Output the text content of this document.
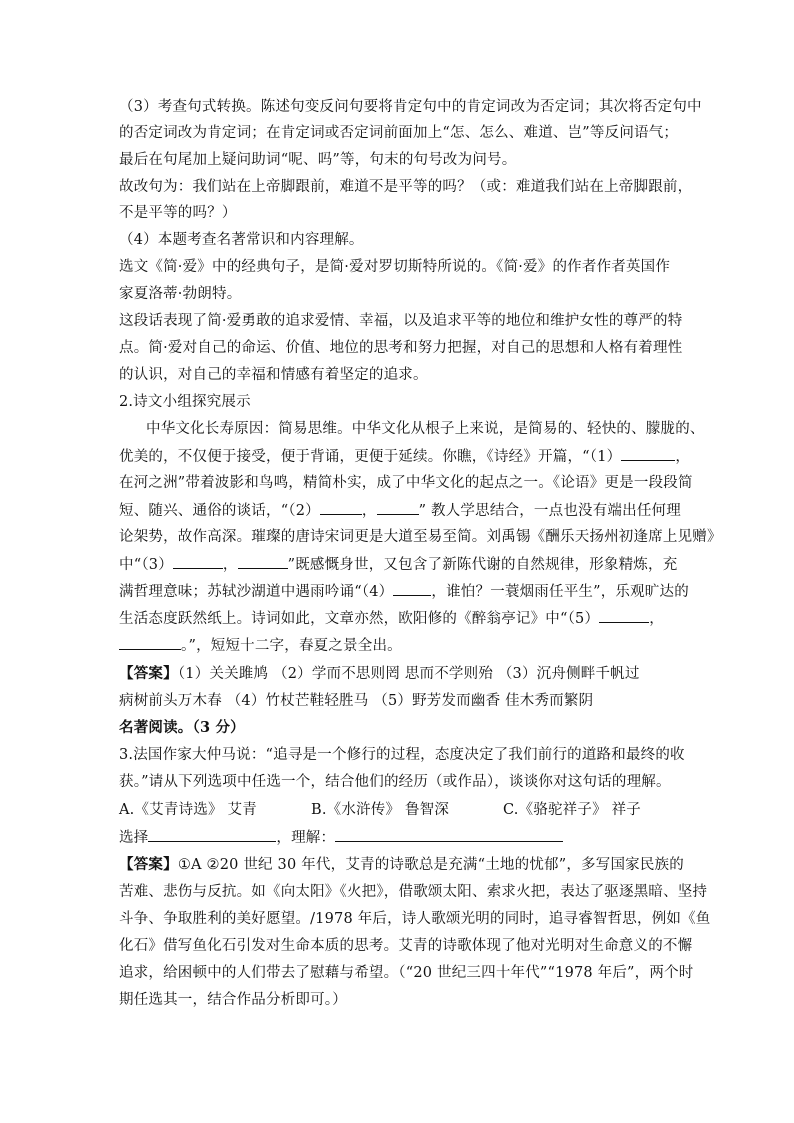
（3）考查句式转换。陈述句变反问句要将肯定句中的肯定词改为否定词；其次将否定句中
的否定词改为肯定词；在肯定词或否定词前面加上“怎、怎么、难道、岂”等反问语气；
最后在句尾加上疑问助词“呢、吗”等，句末的句号改为问号。
故改句为：我们站在上帝脚跟前，难道不是平等的吗？（或：难道我们站在上帝脚跟前，
不是平等的吗？）
（4）本题考查名著常识和内容理解。
选文《简·爱》中的经典句子，是简·爱对罗切斯特所说的。《简·爱》的作者作者英国作
家夏洛蒂·勃朗特。
这段话表现了简·爱勇敢的追求爱情、幸福，以及追求平等的地位和维护女性的尊严的特
点。简·爱对自己的命运、价值、地位的思考和努力把握，对自己的思想和人格有着理性
的认识，对自己的幸福和情感有着坚定的追求。
2.诗文小组探究展示
中华文化长寿原因：简易思维。中华文化从根子上来说，是简易的、轻快的、朦胧的、
优美的，不仅便于接受，便于背诵，更便于延续。你瞧，《诗经》开篇，“（1）	，
在河之洲”带着波影和鸟鸣，精简朴实，成了中华文化的起点之一。《论语》更是一段段简
短、随兴、通俗的谈话，“（2）	，	” 教人学思结合，一点也没有端出任何理
论架势，故作高深。璀璨的唐诗宋词更是大道至易至简。刘禹锡《酬乐天扬州初逢席上见赠》
中“（3）	，	”既感慨身世，又包含了新陈代谢的自然规律，形象精炼，充
满哲理意味；苏轼沙湖道中遇雨吟诵“（4）	，谁怕？一蓑烟雨任平生”，乐观旷达的
生活态度跃然纸上。诗词如此，文章亦然，欧阳修的《醉翁亭记》中“（5）	，
。”，短短十二字，春夏之景全出。
【答案】（1）关关雎鸠 （2）学而不思则罔 思而不学则殆 （3）沉舟侧畔千帆过
病树前头万木春 （4）竹杖芒鞋轻胜马 （5）野芳发而幽香 佳木秀而繁阴
名著阅读。（3 分）
3.法国作家大仲马说：“追寻是一个修行的过程，态度决定了我们前行的道路和最终的收
获。”请从下列选项中任选一个，结合他们的经历（或作品），谈谈你对这句话的理解。
A.《艾青诗选》 艾青	B.《水浒传》 鲁智深	C.《骆驼祥子》 祥子
选择	，理解：
【答案】①A ②20 世纪 30 年代，艾青的诗歌总是充满“土地的忧郁”，多写国家民族的
苦难、悲伤与反抗。如《向太阳》《火把》，借歌颂太阳、索求火把，表达了驱逐黑暗、坚持
斗争、争取胜利的美好愿望。/1978 年后，诗人歌颂光明的同时，追寻睿智哲思，例如《鱼
化石》借写鱼化石引发对生命本质的思考。艾青的诗歌体现了他对光明对生命意义的不懈
追求，给困顿中的人们带去了慰藉与希望。（“20 世纪三四十年代”“1978 年后”，两个时
期任选其一，结合作品分析即可。）
